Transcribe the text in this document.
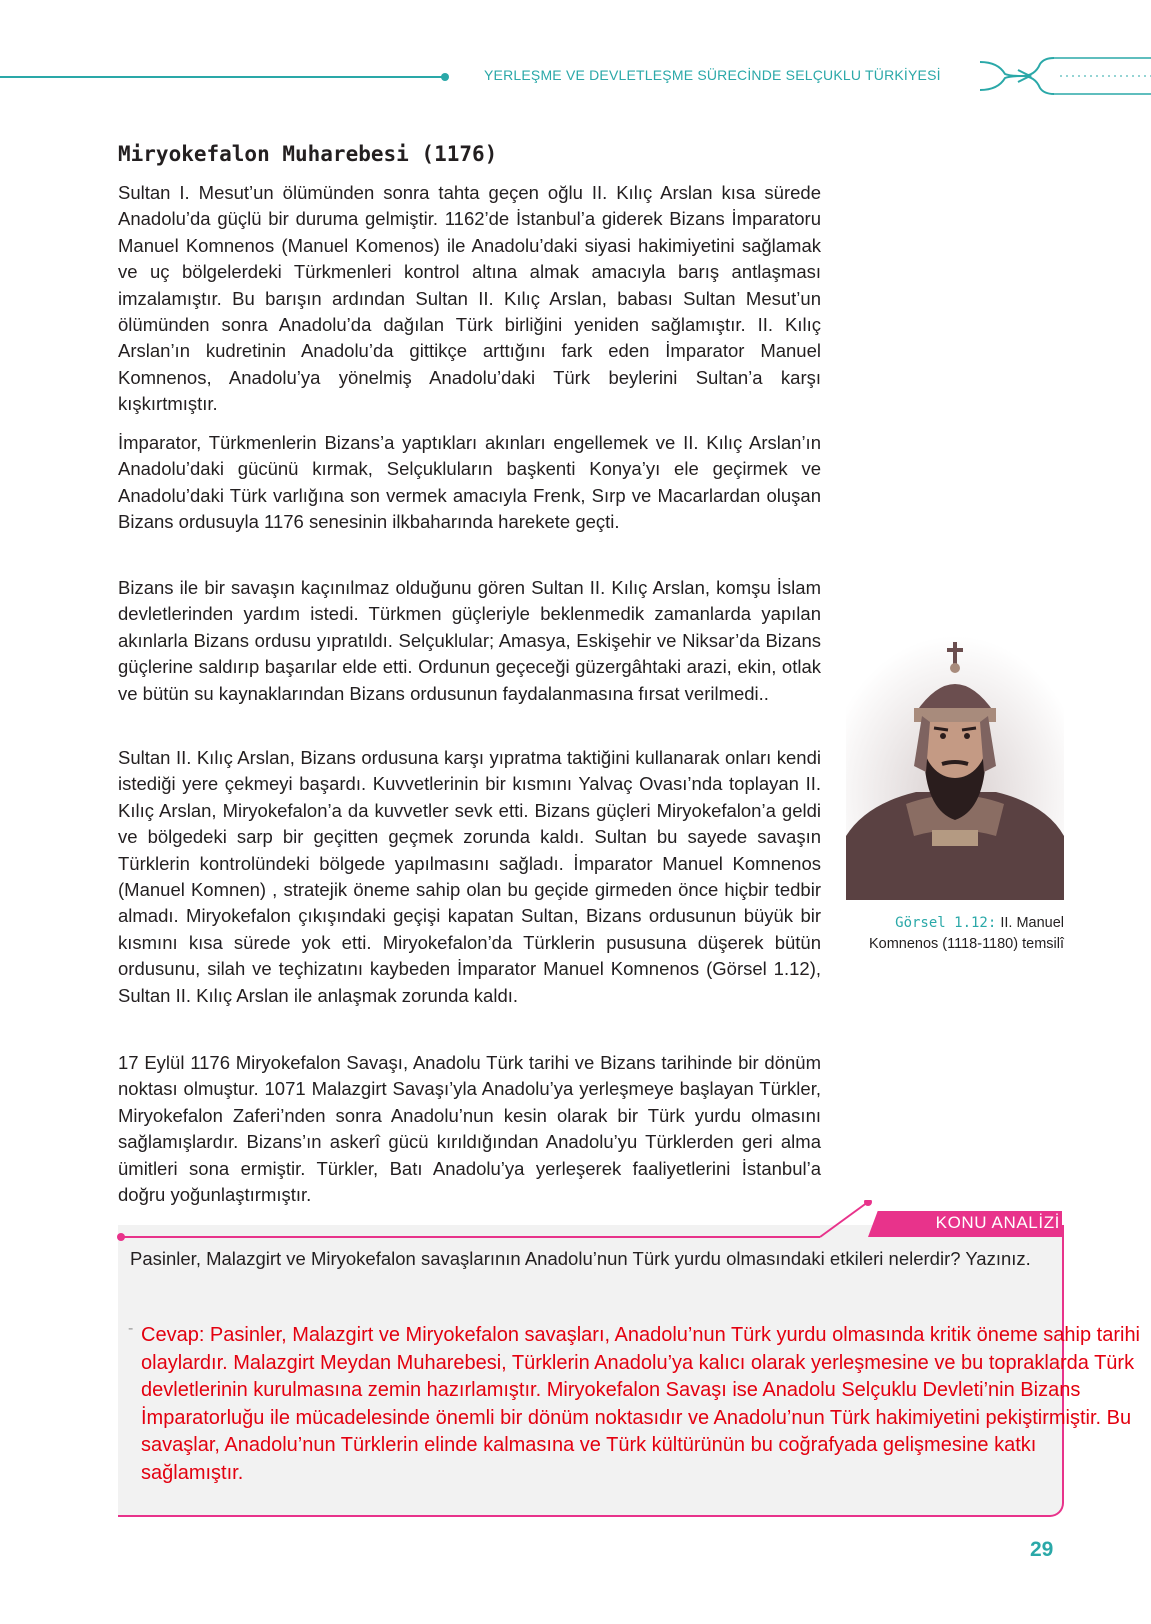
YERLEŞME VE DEVLETLEŞME SÜRECİNDE SELÇUKLU TÜRKİYESİ
Miryokefalon Muharebesi (1176)

Sultan I. Mesut’un ölümünden sonra tahta geçen oğlu II. Kılıç Arslan kısa sürede Anadolu’da güçlü bir duruma gelmiştir. 1162’de İstanbul’a giderek Bizans İmparatoru Manuel Komnenos (Manuel Komenos) ile Anadolu’daki siyasi hakimiyetini sağlamak ve uç bölgelerdeki Türkmenleri kontrol altına almak amacıyla barış antlaşması imzalamıştır. Bu barışın ardından Sultan II. Kılıç Arslan, babası Sultan Mesut’un ölümünden sonra Anadolu’da dağılan Türk birliğini yeniden sağlamıştır. II. Kılıç Arslan’ın kudretinin Anadolu’da gittikçe arttığını fark eden İmparator Manuel Komnenos, Anadolu’ya yönelmiş Anadolu’daki Türk beylerini Sultan’a karşı kışkırtmıştır.

İmparator, Türkmenlerin Bizans’a yaptıkları akınları engellemek ve II. Kılıç Arslan’ın Anadolu’daki gücünü kırmak, Selçukluların başkenti Konya’yı ele geçirmek ve Anadolu’daki Türk varlığına son vermek amacıyla Frenk, Sırp ve Macarlardan oluşan Bizans ordusuyla 1176 senesinin ilkbaharında harekete geçti.

Bizans ile bir savaşın kaçınılmaz olduğunu gören Sultan II. Kılıç Arslan, komşu İslam devletlerinden yardım istedi. Türkmen güçleriyle beklenmedik zamanlarda yapılan akınlarla Bizans ordusu yıpratıldı. Selçuklular; Amasya, Eskişehir ve Niksar’da Bizans güçlerine saldırıp başarılar elde etti. Ordunun geçeceği güzergâhtaki arazi, ekin, otlak ve bütün su kaynaklarından Bizans ordusunun faydalanmasına fırsat verilmedi..

Sultan II. Kılıç Arslan, Bizans ordusuna karşı yıpratma taktiğini kullanarak onları kendi istediği yere çekmeyi başardı. Kuvvetlerinin bir kısmını Yalvaç Ovası’nda toplayan II. Kılıç Arslan, Miryokefalon’a da kuvvetler sevk etti. Bizans güçleri Miryokefalon’a geldi ve bölgedeki sarp bir geçitten geçmek zorunda kaldı. Sultan bu sayede savaşın Türklerin kontrolündeki bölgede yapılmasını sağladı. İmparator Manuel Komnenos (Manuel Komnen) , stratejik öneme sahip olan bu geçide girmeden önce hiçbir tedbir almadı. Miryokefalon çıkışındaki geçişi kapatan Sultan, Bizans ordusunun büyük bir kısmını kısa sürede yok etti. Miryokefalon’da Türklerin pususuna düşerek bütün ordusunu, silah ve teçhizatını kaybeden İmparator Manuel Komnenos (Görsel 1.12), Sultan II. Kılıç Arslan ile anlaşmak zorunda kaldı.

17 Eylül 1176 Miryokefalon Savaşı, Anadolu Türk tarihi ve Bizans tarihinde bir dönüm noktası olmuştur. 1071 Malazgirt Savaşı’yla Anadolu’ya yerleşmeye başlayan Türkler, Miryokefalon Zaferi’nden sonra Anadolu’nun kesin olarak bir Türk yurdu olmasını sağlamışlardır. Bizans’ın askerî gücü kırıldığından Anadolu’yu Türklerden geri alma ümitleri sona ermiştir. Türkler, Batı Anadolu’ya yerleşerek faaliyetlerini İstanbul’a doğru yoğunlaştırmıştır.

Görsel 1.12: II. Manuel Komnenos (1118-1180) temsilî
KONU ANALİZİ

Pasinler, Malazgirt ve Miryokefalon savaşlarının Anadolu’nun Türk yurdu olmasındaki etkileri nelerdir? Yazınız.

- Cevap: Pasinler, Malazgirt ve Miryokefalon savaşları, Anadolu’nun Türk yurdu olmasında kritik öneme sahip tarihi olaylardır. Malazgirt Meydan Muharebesi, Türklerin Anadolu’ya kalıcı olarak yerleşmesine ve bu topraklarda Türk devletlerinin kurulmasına zemin hazırlamıştır. Miryokefalon Savaşı ise Anadolu Selçuklu Devleti’nin Bizans İmparatorluğu ile mücadelesinde önemli bir dönüm noktasıdır ve Anadolu’nun Türk hakimiyetini pekiştirmiştir. Bu savaşlar, Anadolu’nun Türklerin elinde kalmasına ve Türk kültürünün bu coğrafyada gelişmesine katkı sağlamıştır.

29
